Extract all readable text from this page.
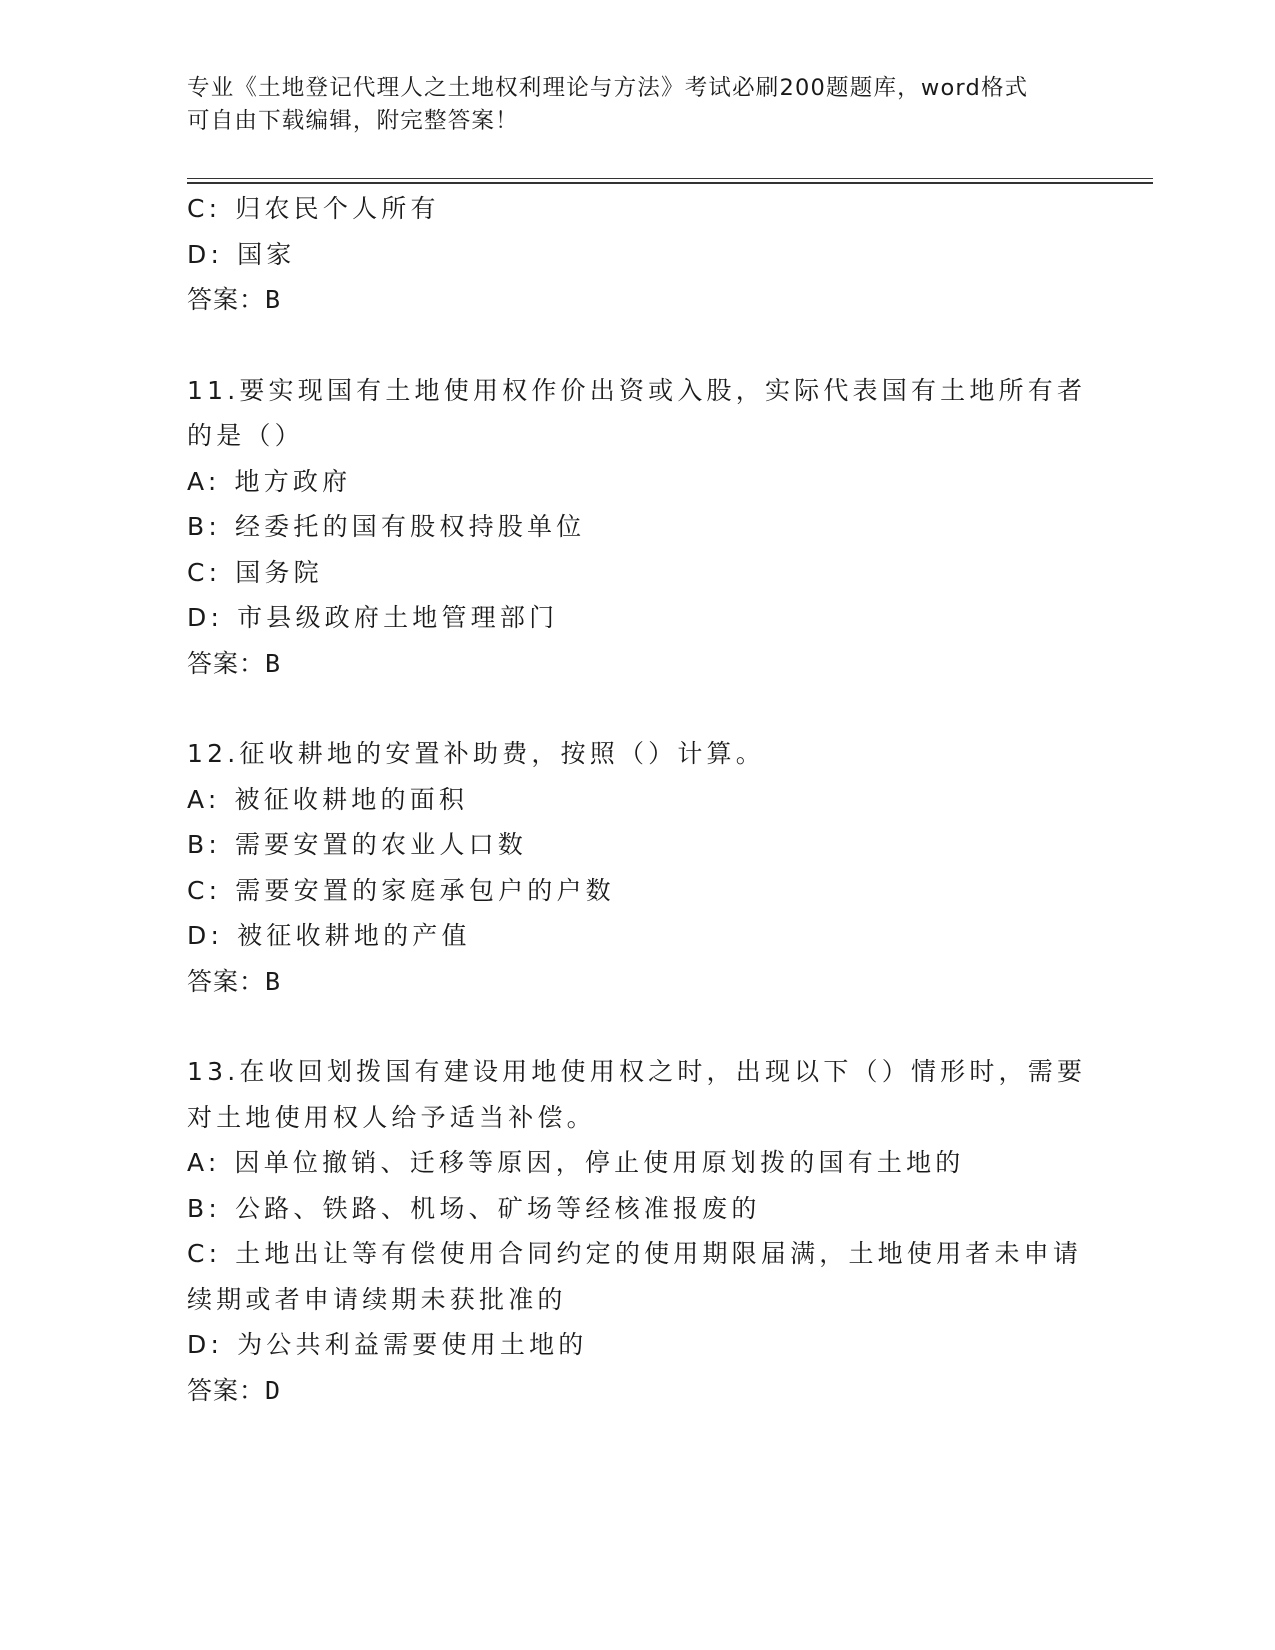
专业《土地登记代理人之土地权利理论与方法》考试必刷200题题库，word格式
可自由下载编辑，附完整答案！
C: 归农民个人所有
D: 国家
答案：B
11.要实现国有土地使用权作价出资或入股，实际代表国有土地所有者
的是（）
A: 地方政府
B: 经委托的国有股权持股单位
C: 国务院
D: 市县级政府土地管理部门
答案：B
12.征收耕地的安置补助费，按照（）计算。
A: 被征收耕地的面积
B: 需要安置的农业人口数
C: 需要安置的家庭承包户的户数
D: 被征收耕地的产值
答案：B
13.在收回划拨国有建设用地使用权之时，出现以下（）情形时，需要
对土地使用权人给予适当补偿。
A: 因单位撤销、迁移等原因，停止使用原划拨的国有土地的
B: 公路、铁路、机场、矿场等经核准报废的
C: 土地出让等有偿使用合同约定的使用期限届满，土地使用者未申请
续期或者申请续期未获批准的
D: 为公共利益需要使用土地的
答案：D
